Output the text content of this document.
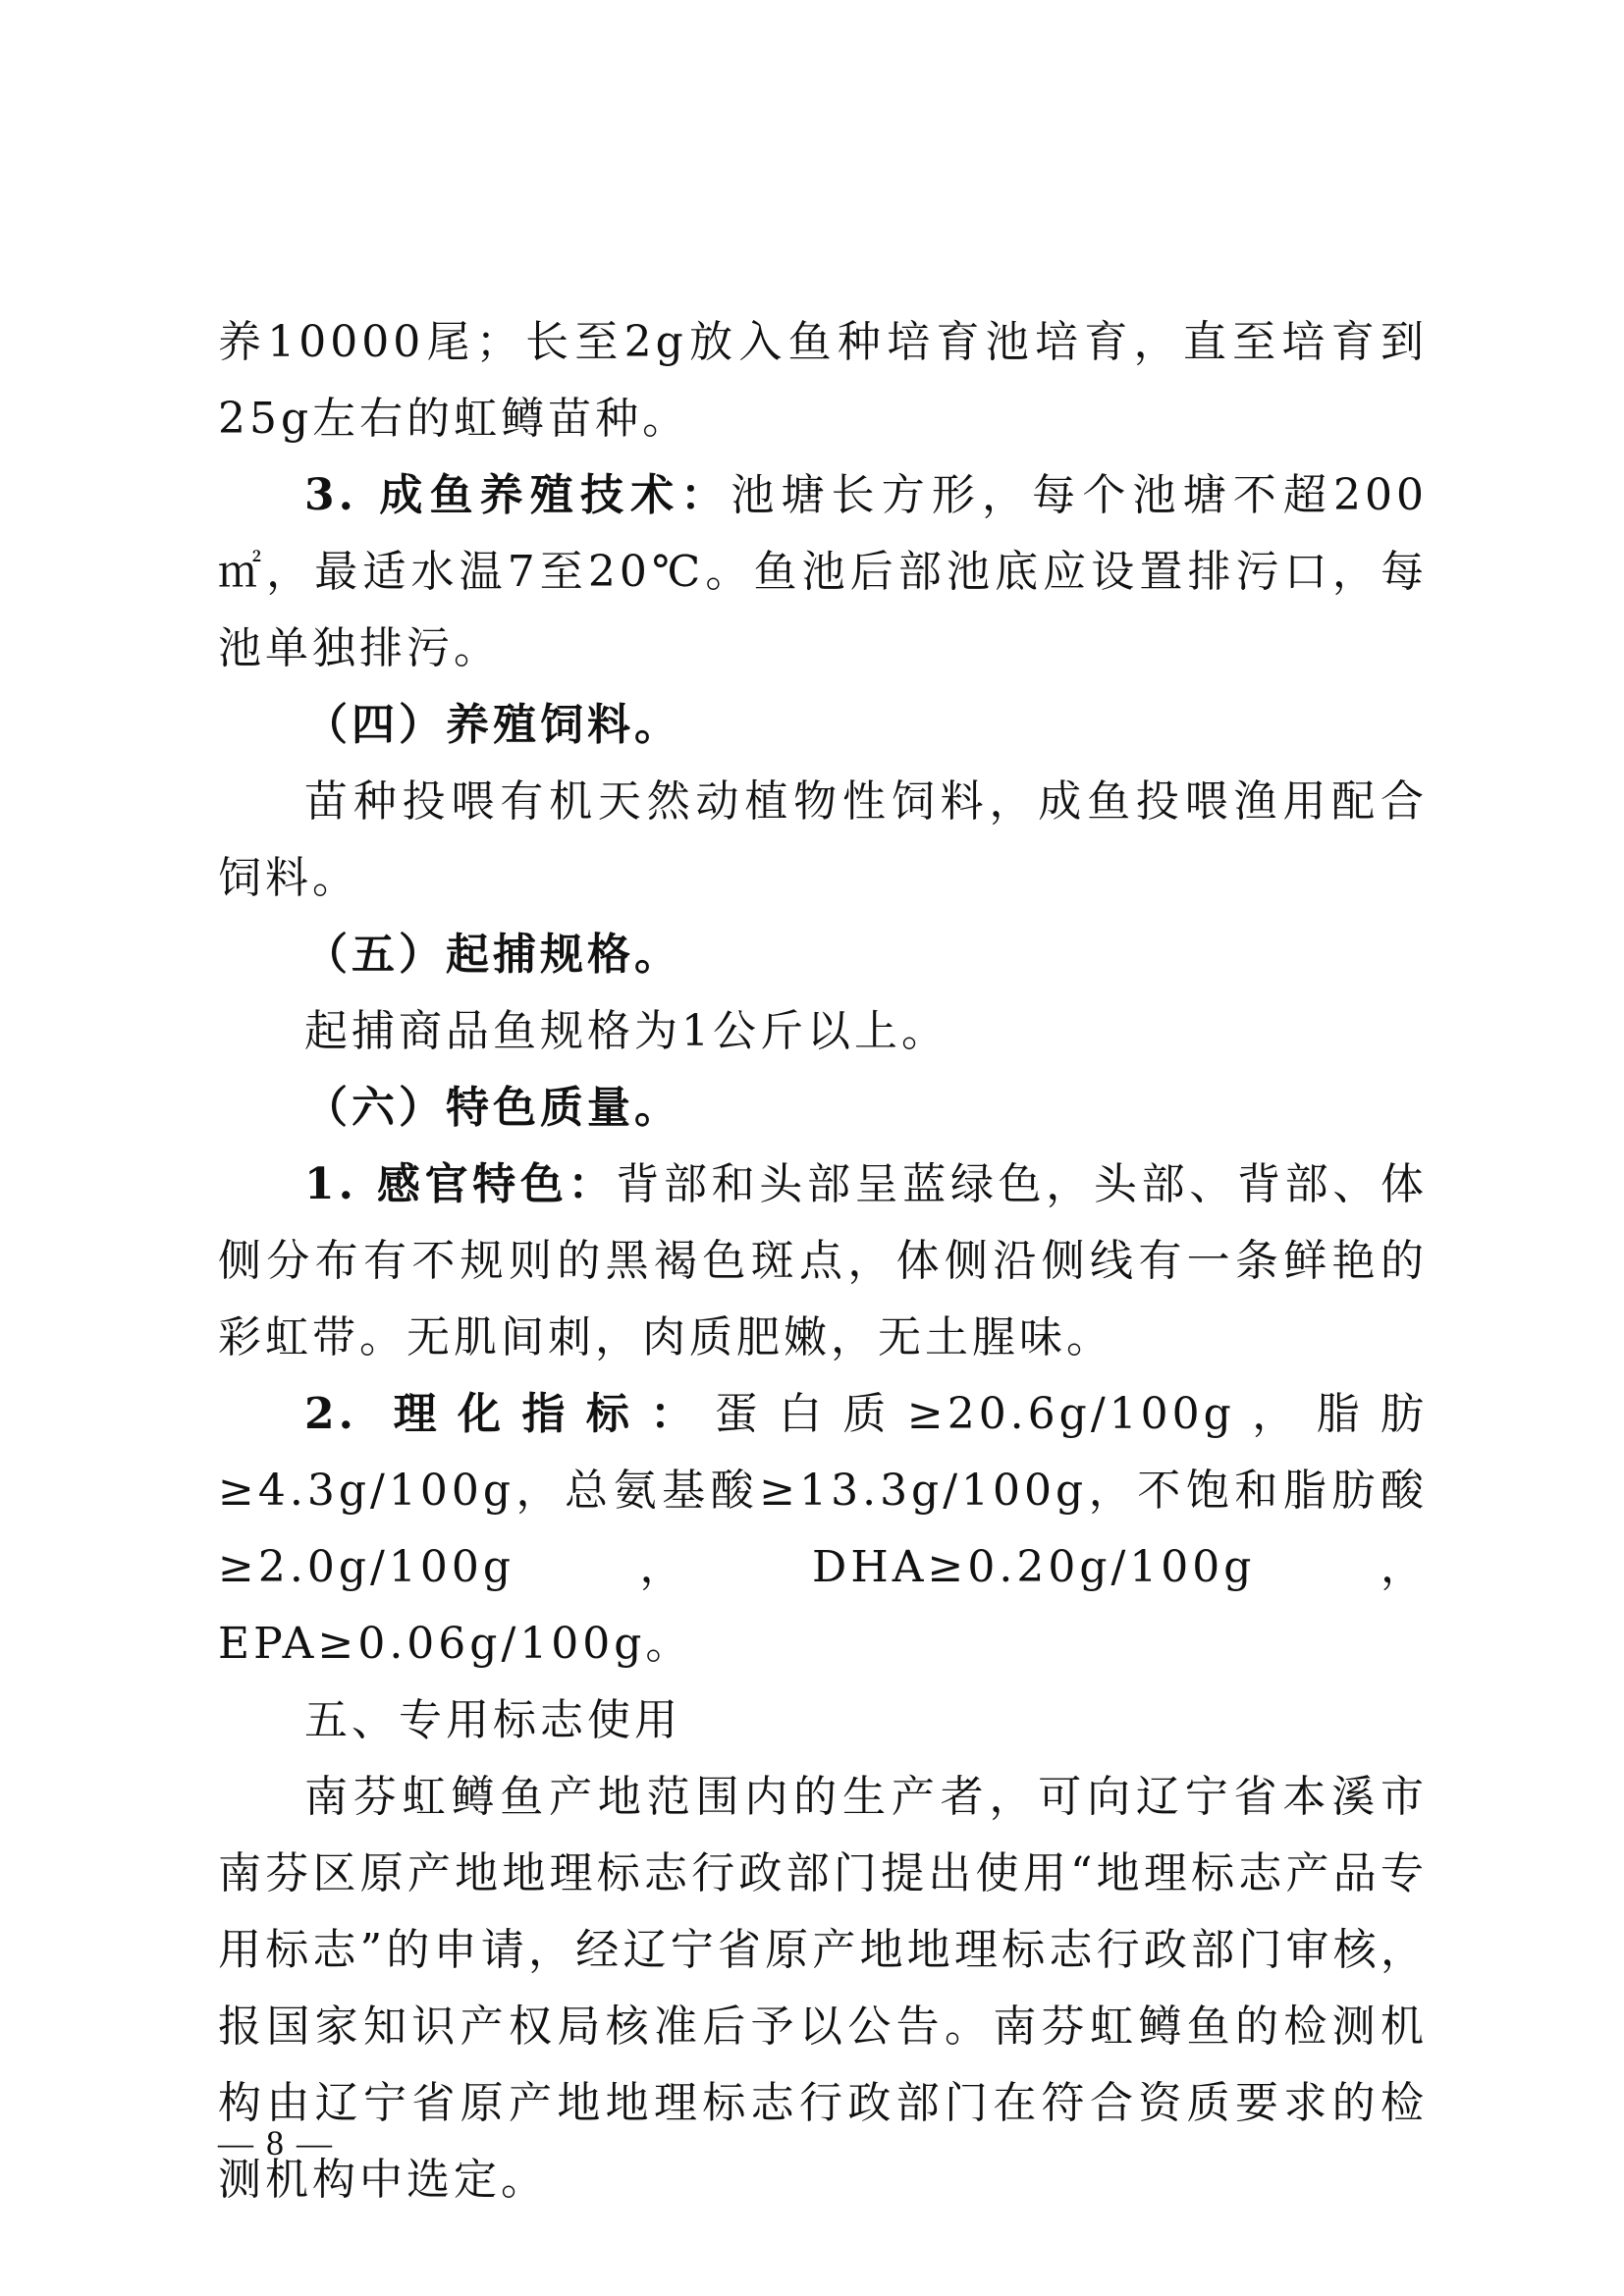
养10000尾；长至2g放入鱼种培育池培育，直至培育到25g左右的虹鳟苗种。

3. 成鱼养殖技术：池塘长方形，每个池塘不超200㎡，最适水温7至20℃。鱼池后部池底应设置排污口，每池单独排污。

（四）养殖饲料。

苗种投喂有机天然动植物性饲料，成鱼投喂渔用配合饲料。

（五）起捕规格。

起捕商品鱼规格为1公斤以上。

（六）特色质量。

1. 感官特色：背部和头部呈蓝绿色，头部、背部、体侧分布有不规则的黑褐色斑点，体侧沿侧线有一条鲜艳的彩虹带。无肌间刺，肉质肥嫩，无土腥味。

2. 理化指标：蛋白质≥20.6g/100g，脂肪≥4.3g/100g，总氨基酸≥13.3g/100g，不饱和脂肪酸≥2.0g/100g，DHA≥0.20g/100g，EPA≥0.06g/100g。

五、专用标志使用

南芬虹鳟鱼产地范围内的生产者，可向辽宁省本溪市南芬区原产地地理标志行政部门提出使用“地理标志产品专用标志”的申请，经辽宁省原产地地理标志行政部门审核，报国家知识产权局核准后予以公告。南芬虹鳟鱼的检测机构由辽宁省原产地地理标志行政部门在符合资质要求的检测机构中选定。

— 8 —
